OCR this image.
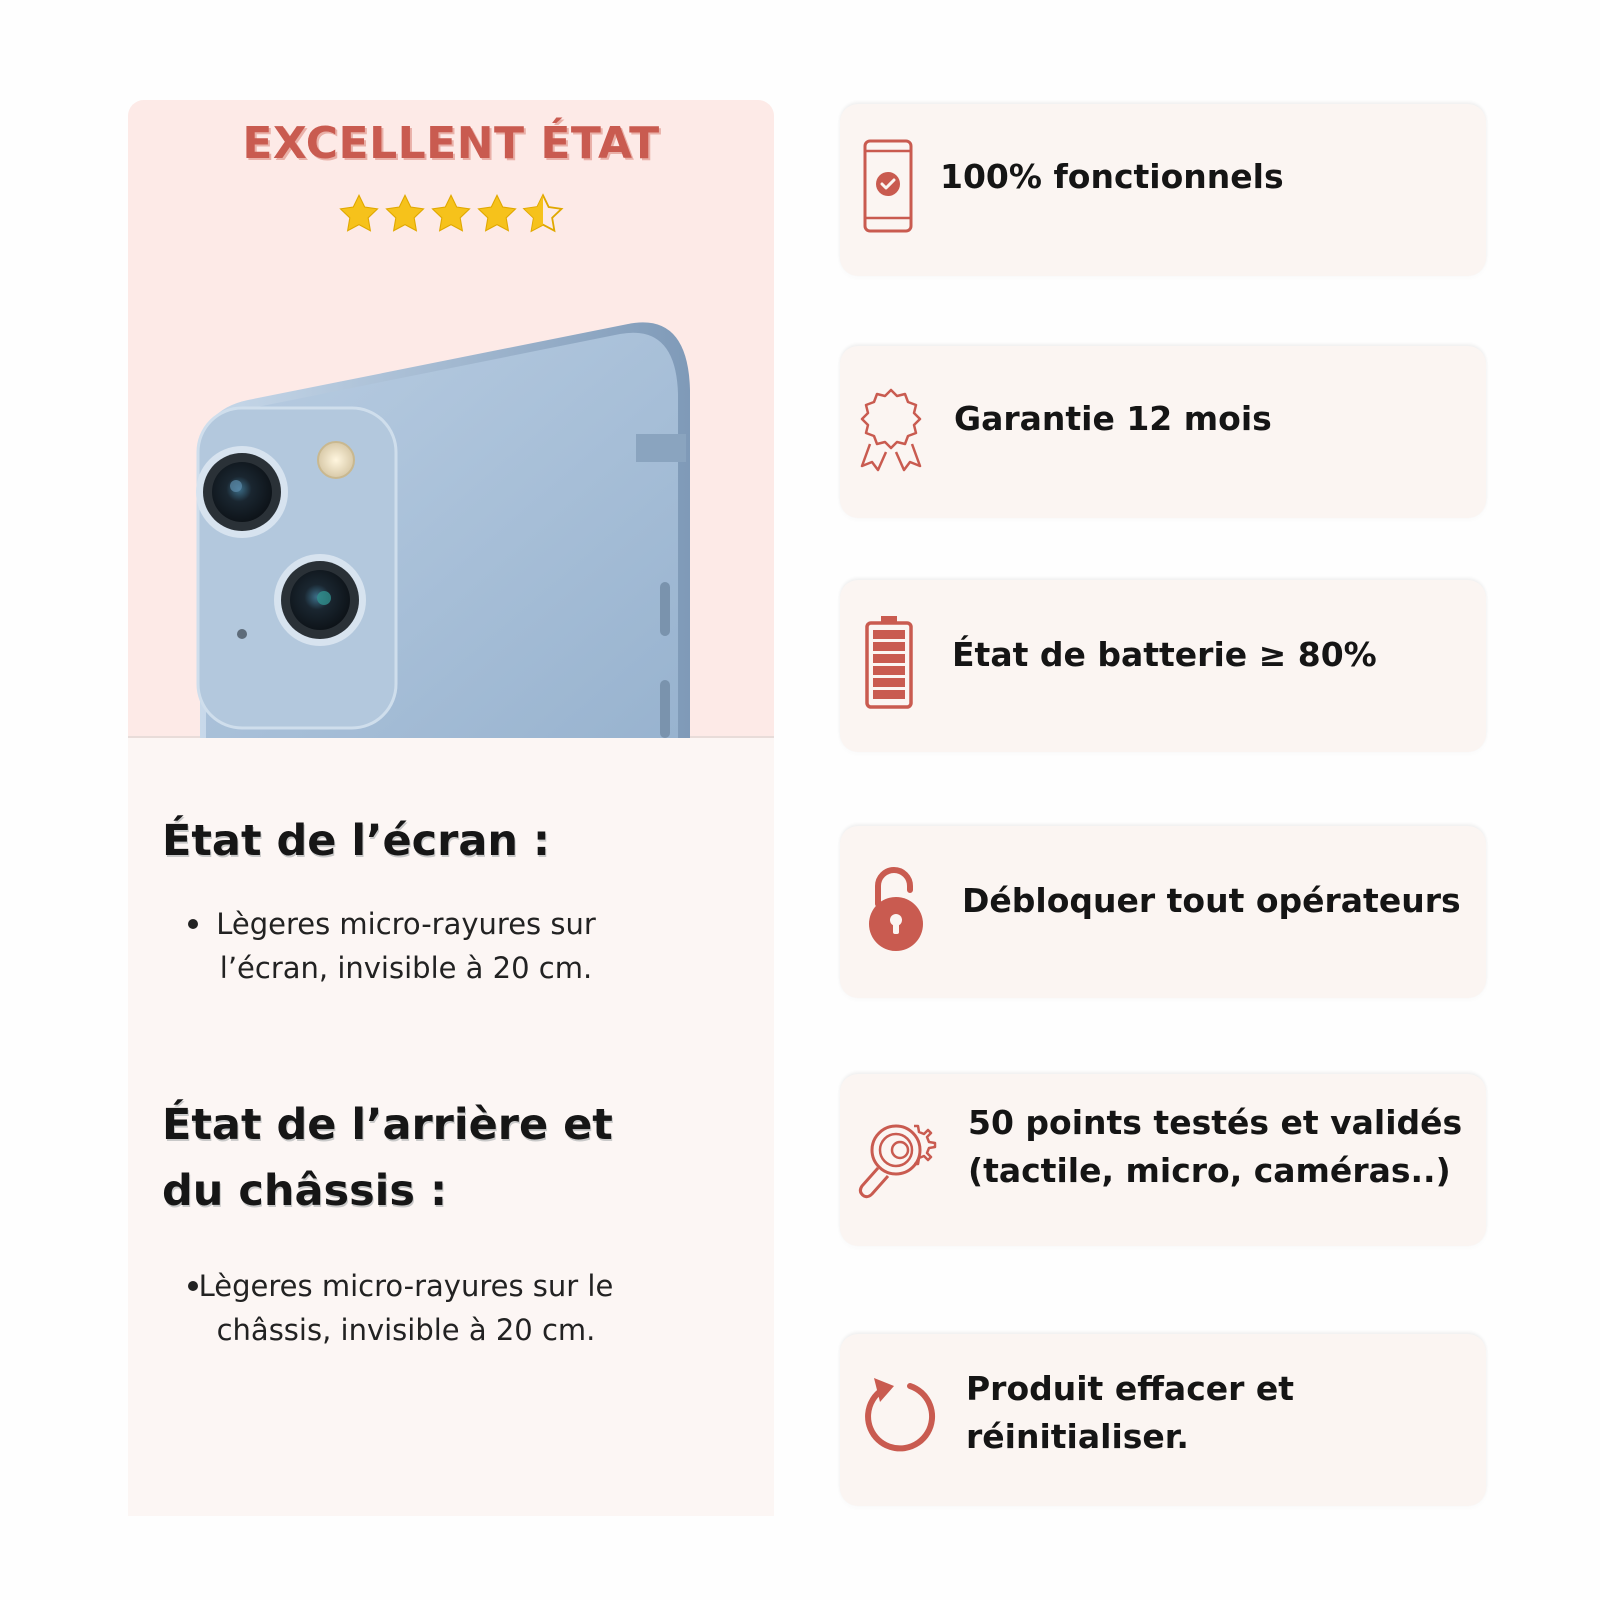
EXCELLENT ÉTAT
État de l’écran :
Lègeres micro-rayures sur l’écran, invisible à 20 cm.
État de l’arrière et du châssis :
Lègeres micro-rayures sur le châssis, invisible à 20 cm.
100% fonctionnels
Garantie 12 mois
État de batterie ≥ 80%
Débloquer tout opérateurs
50 points testés et validés
(tactile, micro, caméras..)
Produit effacer et
réinitialiser.
